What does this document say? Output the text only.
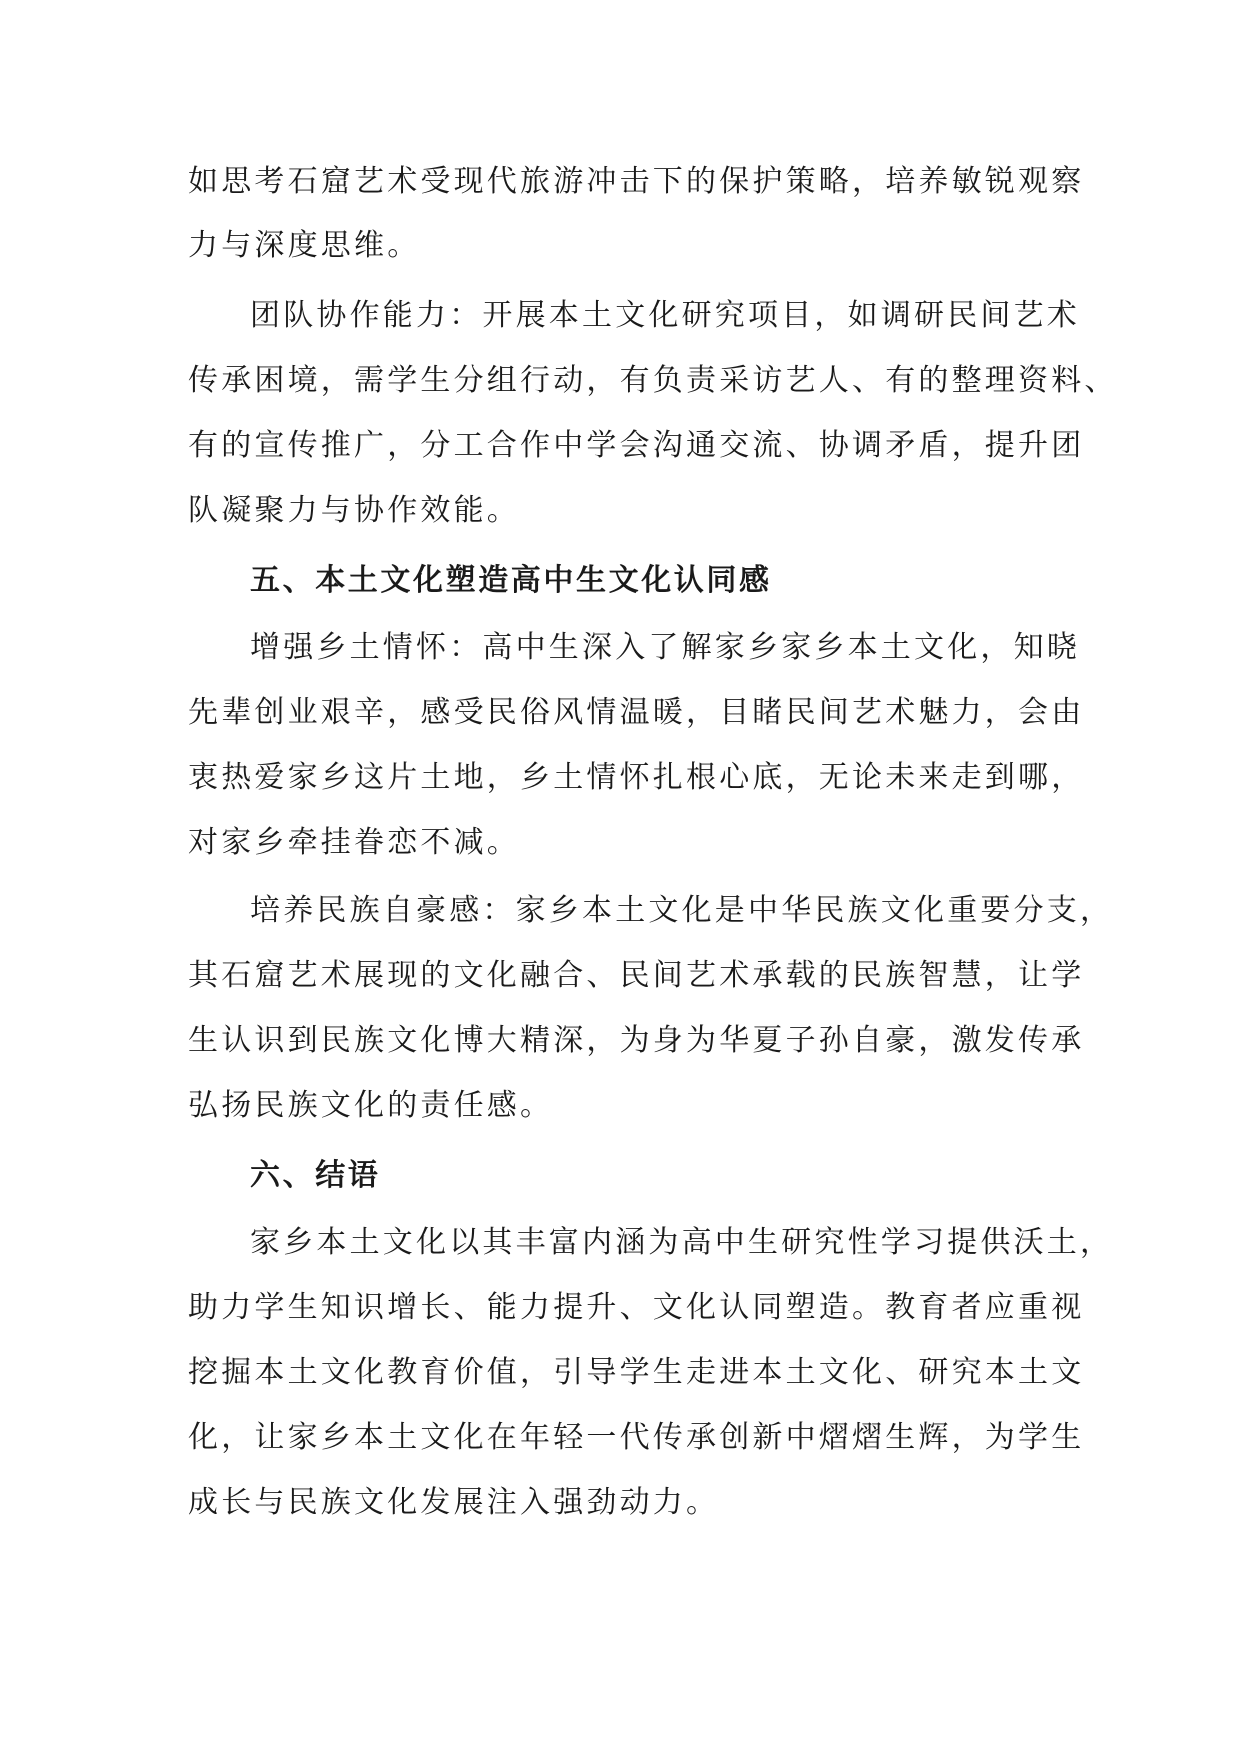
如思考石窟艺术受现代旅游冲击下的保护策略，培养敏锐观察
力与深度思维。
团队协作能力：开展本土文化研究项目，如调研民间艺术
传承困境，需学生分组行动，有负责采访艺人、有的整理资料、
有的宣传推广，分工合作中学会沟通交流、协调矛盾，提升团
队凝聚力与协作效能。
五、本土文化塑造高中生文化认同感
增强乡土情怀：高中生深入了解家乡家乡本土文化，知晓
先辈创业艰辛，感受民俗风情温暖，目睹民间艺术魅力，会由
衷热爱家乡这片土地，乡土情怀扎根心底，无论未来走到哪，
对家乡牵挂眷恋不减。
培养民族自豪感：家乡本土文化是中华民族文化重要分支，
其石窟艺术展现的文化融合、民间艺术承载的民族智慧，让学
生认识到民族文化博大精深，为身为华夏子孙自豪，激发传承
弘扬民族文化的责任感。
六、结语
家乡本土文化以其丰富内涵为高中生研究性学习提供沃土，
助力学生知识增长、能力提升、文化认同塑造。教育者应重视
挖掘本土文化教育价值，引导学生走进本土文化、研究本土文
化，让家乡本土文化在年轻一代传承创新中熠熠生辉，为学生
成长与民族文化发展注入强劲动力。
